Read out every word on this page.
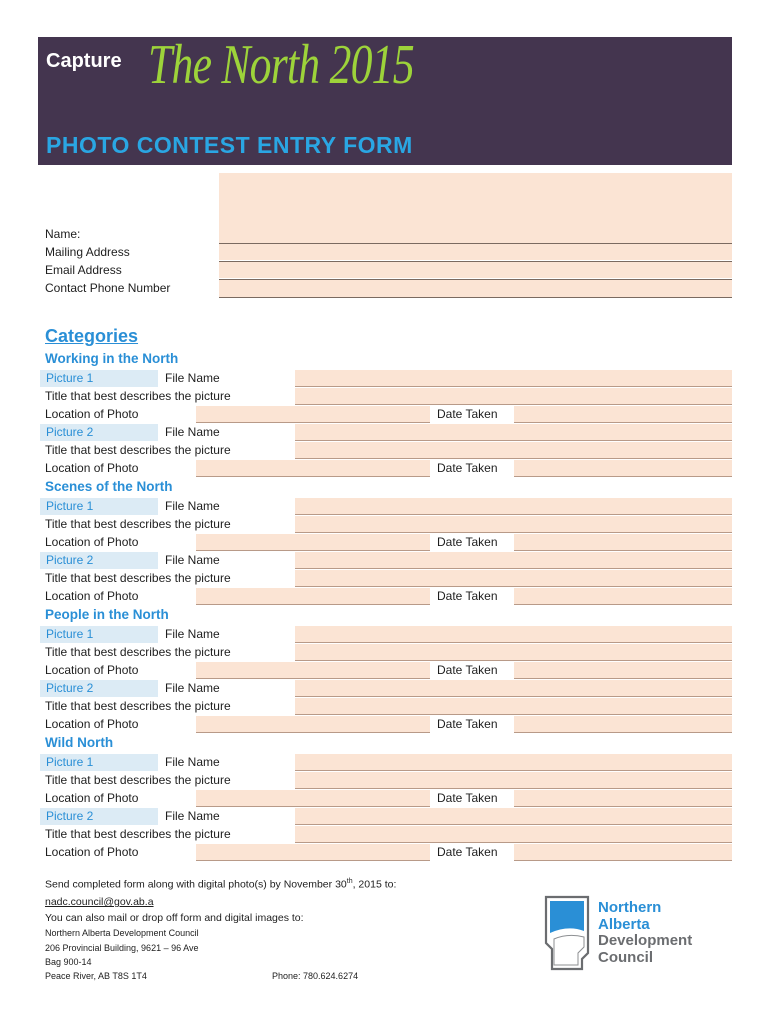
Capture The North 2015
PHOTO CONTEST ENTRY FORM
Name:
Mailing Address
Email Address
Contact Phone Number
Categories
Working in the North
Picture 1	File Name
Title that best describes the picture
Location of Photo	Date Taken
Picture 2	File Name
Title that best describes the picture
Location of Photo	Date Taken
Scenes of the North
Picture 1	File Name
Title that best describes the picture
Location of Photo	Date Taken
Picture 2	File Name
Title that best describes the picture
Location of Photo	Date Taken
People in the North
Picture 1	File Name
Title that best describes the picture
Location of Photo	Date Taken
Picture 2	File Name
Title that best describes the picture
Location of Photo	Date Taken
Wild North
Picture 1	File Name
Title that best describes the picture
Location of Photo	Date Taken
Picture 2	File Name
Title that best describes the picture
Location of Photo	Date Taken
Send completed form along with digital photo(s) by November 30th, 2015 to:
nadc.council@gov.ab.a
You can also mail or drop off form and digital images to:
Northern Alberta Development Council
206 Provincial Building, 9621 – 96 Ave
Bag 900-14
Peace River, AB T8S 1T4	Phone: 780.624.6274
Northern
Alberta
Development
Council
